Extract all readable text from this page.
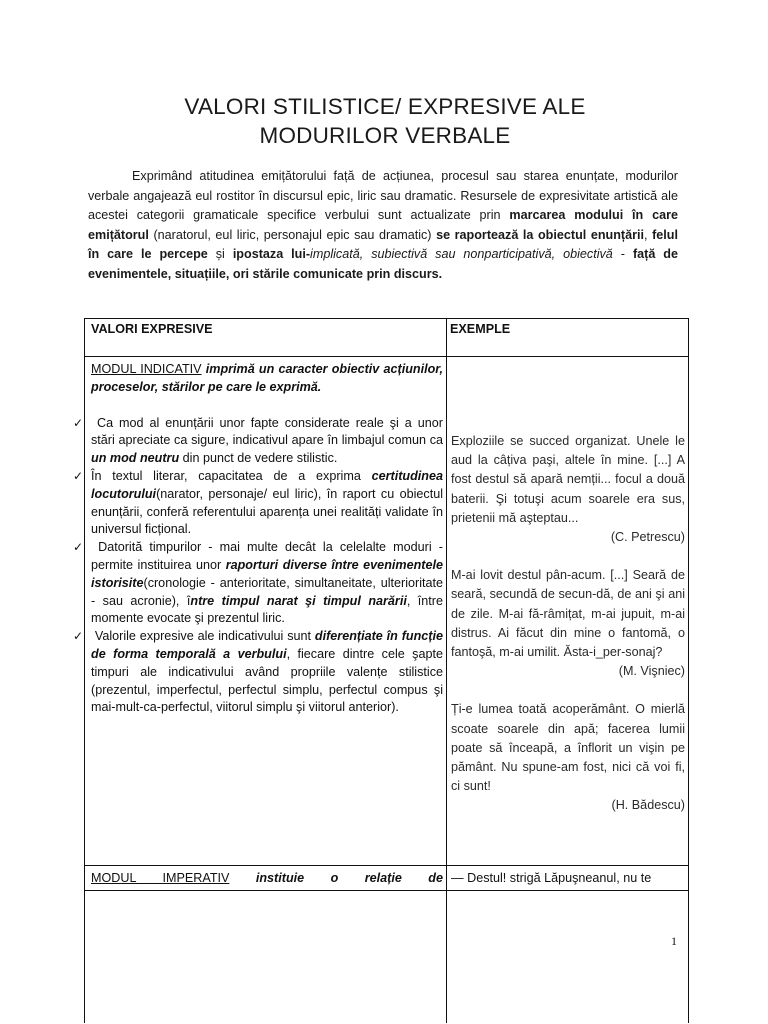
VALORI STILISTICE/ EXPRESIVE ALE
MODURILOR VERBALE

Exprimând atitudinea emițătorului față de acțiunea, procesul sau starea enunțate, modurilor verbale angajează eul rostitor în discursul epic, liric sau dramatic. Resursele de expresivitate artistică ale acestei categorii gramaticale specifice verbului sunt actualizate prin marcarea modului în care emițătorul (naratorul, eul liric, personajul epic sau dramatic) se raportează la obiectul enunțării, felul în care le percepe și ipostaza lui-implicată, subiectivă sau nonparticipativă, obiectivă - față de evenimentele, situațiile, ori stările comunicate prin discurs.

VALORI EXPRESIVE	EXEMPLE

MODUL INDICATIV imprimă un caracter obiectiv acțiunilor, proceselor, stărilor pe care le exprimă.

✓ Ca mod al enunțării unor fapte considerate reale şi a unor stări apreciate ca sigure, indicativul apare în limbajul comun ca un mod neutru din punct de vedere stilistic.

✓ În textul literar, capacitatea de a exprima certitudinea locutorului(narator, personaje/ eul liric), în raport cu obiectul enunțării, conferă referentului aparența unei realități validate în universul ficțional.

✓ Datorită timpurilor - mai multe decât la celelalte moduri - permite instituirea unor raporturi diverse între evenimentele istorisite(cronologie - anterioritate, simultaneitate, ulterioritate - sau acronie), între timpul narat şi timpul narării, între momente evocate şi prezentul liric.

✓ Valorile expresive ale indicativului sunt diferențiate în funcție de forma temporală a verbului, fiecare dintre cele şapte timpuri ale indicativului având propriile valențe stilistice (prezentul, imperfectul, perfectul simplu, perfectul compus şi mai-mult-ca-perfectul, viitorul simplu şi viitorul anterior).

Exploziile se succed organizat. Unele le aud la câțiva paşi, altele în mine. [...] A fost destul să apară nemții... focul a două baterii. Şi totuşi acum soarele era sus, prietenii mă aşteptau...

(C. Petrescu)

M-ai lovit destul pân-acum. [...] Seară de seară, secundă de secun-dă, de ani şi ani de zile. M-ai fă-râmițat, m-ai jupuit, m-ai distrus. Ai făcut din mine o fantomă, o fantoşă, m-ai umilit. Ăsta-i_per-sonaj?

(M. Vişniec)

Ți-e lumea toată acoperământ. O mierlă scoate soarele din apă; facerea lumii poate să înceapă, a înflorit un vişin pe pământ. Nu spune-am fost, nici că voi fi, ci sunt!

(H. Bădescu)

MODUL IMPERATIV instituie o relație de — Destul! strigă Lăpuşneanul, nu te
1
